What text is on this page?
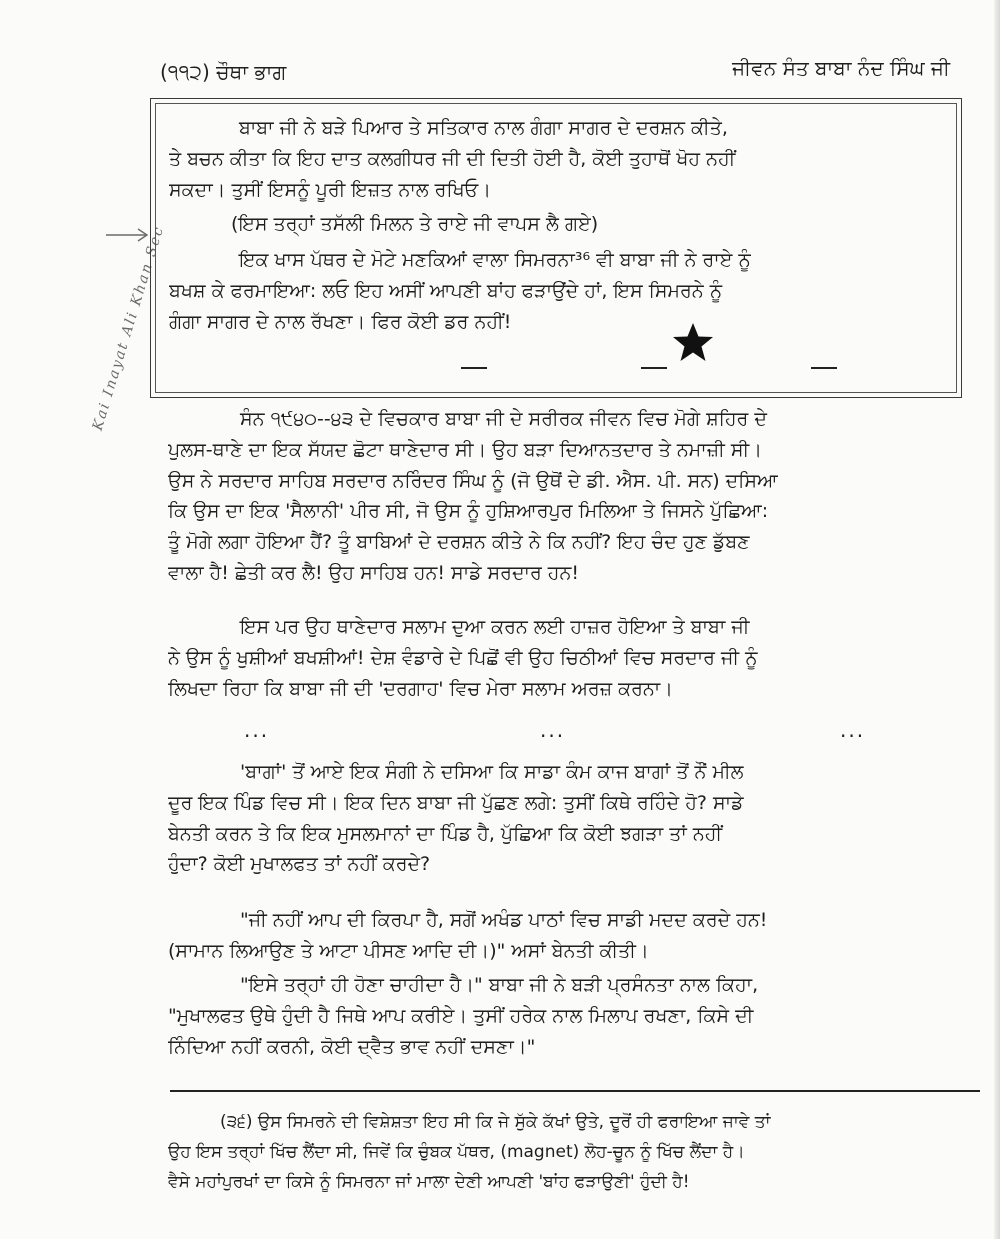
(੧੧੨) ਚੌਥਾ ਭਾਗ	ਜੀਵਨ ਸੰਤ ਬਾਬਾ ਨੰਦ ਸਿੰਘ ਜੀ
Kai Inayat Ali Khan Sec

ਬਾਬਾ ਜੀ ਨੇ ਬੜੇ ਪਿਆਰ ਤੇ ਸਤਿਕਾਰ ਨਾਲ ਗੰਗਾ ਸਾਗਰ ਦੇ ਦਰਸ਼ਨ ਕੀਤੇ,
ਤੇ ਬਚਨ ਕੀਤਾ ਕਿ ਇਹ ਦਾਤ ਕਲਗੀਧਰ ਜੀ ਦੀ ਦਿਤੀ ਹੋਈ ਹੈ, ਕੋਈ ਤੁਹਾਥੋਂ ਖੋਹ ਨਹੀਂ
ਸਕਦਾ। ਤੁਸੀਂ ਇਸਨੂੰ ਪੂਰੀ ਇਜ਼ਤ ਨਾਲ ਰਖਿਓ।

(ਇਸ ਤਰ੍ਹਾਂ ਤਸੱਲੀ ਮਿਲਨ ਤੇ ਰਾਏ ਜੀ ਵਾਪਸ ਲੈ ਗਏ)

ਇਕ ਖਾਸ ਪੱਥਰ ਦੇ ਮੋਟੇ ਮਣਕਿਆਂ ਵਾਲਾ ਸਿਮਰਨਾ³⁶ ਵੀ ਬਾਬਾ ਜੀ ਨੇ ਰਾਏ ਨੂੰ
ਬਖਸ਼ ਕੇ ਫਰਮਾਇਆ: ਲਓ ਇਹ ਅਸੀਂ ਆਪਣੀ ਬਾਂਹ ਫੜਾਉਂਦੇ ਹਾਂ, ਇਸ ਸਿਮਰਨੇ ਨੂੰ
ਗੰਗਾ ਸਾਗਰ ਦੇ ਨਾਲ ਰੱਖਣਾ। ਫਿਰ ਕੋਈ ਡਰ ਨਹੀਂ!

ਸੰਨ ੧੯੪੦--੪੩ ਦੇ ਵਿਚਕਾਰ ਬਾਬਾ ਜੀ ਦੇ ਸਰੀਰਕ ਜੀਵਨ ਵਿਚ ਮੋਗੇ ਸ਼ਹਿਰ ਦੇ
ਪੁਲਸ-ਥਾਣੇ ਦਾ ਇਕ ਸੱਯਦ ਛੋਟਾ ਥਾਣੇਦਾਰ ਸੀ। ਉਹ ਬੜਾ ਦਿਆਨਤਦਾਰ ਤੇ ਨਮਾਜ਼ੀ ਸੀ।
ਉਸ ਨੇ ਸਰਦਾਰ ਸਾਹਿਬ ਸਰਦਾਰ ਨਰਿੰਦਰ ਸਿੰਘ ਨੂੰ (ਜੋ ਉਥੋਂ ਦੇ ਡੀ. ਐਸ. ਪੀ. ਸਨ) ਦਸਿਆ
ਕਿ ਉਸ ਦਾ ਇਕ 'ਸੈਲਾਨੀ' ਪੀਰ ਸੀ, ਜੋ ਉਸ ਨੂੰ ਹੁਸ਼ਿਆਰਪੁਰ ਮਿਲਿਆ ਤੇ ਜਿਸਨੇ ਪੁੱਛਿਆ:
ਤੂੰ ਮੋਗੇ ਲਗਾ ਹੋਇਆ ਹੈਂ? ਤੂੰ ਬਾਬਿਆਂ ਦੇ ਦਰਸ਼ਨ ਕੀਤੇ ਨੇ ਕਿ ਨਹੀਂ? ਇਹ ਚੰਦ ਹੁਣ ਡੁੱਬਣ
ਵਾਲਾ ਹੈ! ਛੇਤੀ ਕਰ ਲੈ! ਉਹ ਸਾਹਿਬ ਹਨ! ਸਾਡੇ ਸਰਦਾਰ ਹਨ!

ਇਸ ਪਰ ਉਹ ਥਾਣੇਦਾਰ ਸਲਾਮ ਦੁਆ ਕਰਨ ਲਈ ਹਾਜ਼ਰ ਹੋਇਆ ਤੇ ਬਾਬਾ ਜੀ
ਨੇ ਉਸ ਨੂੰ ਖੁਸ਼ੀਆਂ ਬਖਸ਼ੀਆਂ! ਦੇਸ਼ ਵੰਡਾਰੇ ਦੇ ਪਿਛੋਂ ਵੀ ਉਹ ਚਿਠੀਆਂ ਵਿਚ ਸਰਦਾਰ ਜੀ ਨੂੰ
ਲਿਖਦਾ ਰਿਹਾ ਕਿ ਬਾਬਾ ਜੀ ਦੀ 'ਦਰਗਾਹ' ਵਿਚ ਮੇਰਾ ਸਲਾਮ ਅਰਜ਼ ਕਰਨਾ।

...	...	...

'ਬਾਗਾਂ' ਤੋਂ ਆਏ ਇਕ ਸੰਗੀ ਨੇ ਦਸਿਆ ਕਿ ਸਾਡਾ ਕੰਮ ਕਾਜ ਬਾਗਾਂ ਤੋਂ ਨੌਂ ਮੀਲ
ਦੂਰ ਇਕ ਪਿੰਡ ਵਿਚ ਸੀ। ਇਕ ਦਿਨ ਬਾਬਾ ਜੀ ਪੁੱਛਣ ਲਗੇ: ਤੁਸੀਂ ਕਿਥੇ ਰਹਿੰਦੇ ਹੋ? ਸਾਡੇ
ਬੇਨਤੀ ਕਰਨ ਤੇ ਕਿ ਇਕ ਮੁਸਲਮਾਨਾਂ ਦਾ ਪਿੰਡ ਹੈ, ਪੁੱਛਿਆ ਕਿ ਕੋਈ ਝਗੜਾ ਤਾਂ ਨਹੀਂ
ਹੁੰਦਾ? ਕੋਈ ਮੁਖਾਲਫਤ ਤਾਂ ਨਹੀਂ ਕਰਦੇ?

"ਜੀ ਨਹੀਂ ਆਪ ਦੀ ਕਿਰਪਾ ਹੈ, ਸਗੋਂ ਅਖੰਡ ਪਾਠਾਂ ਵਿਚ ਸਾਡੀ ਮਦਦ ਕਰਦੇ ਹਨ!
(ਸਾਮਾਨ ਲਿਆਉਣ ਤੇ ਆਟਾ ਪੀਸਣ ਆਦਿ ਦੀ।)" ਅਸਾਂ ਬੇਨਤੀ ਕੀਤੀ।

"ਇਸੇ ਤਰ੍ਹਾਂ ਹੀ ਹੋਣਾ ਚਾਹੀਦਾ ਹੈ।" ਬਾਬਾ ਜੀ ਨੇ ਬੜੀ ਪ੍ਰਸੰਨਤਾ ਨਾਲ ਕਿਹਾ,
"ਮੁਖਾਲਫਤ ਉਥੇ ਹੁੰਦੀ ਹੈ ਜਿਥੇ ਆਪ ਕਰੀਏ। ਤੁਸੀਂ ਹਰੇਕ ਨਾਲ ਮਿਲਾਪ ਰਖਣਾ, ਕਿਸੇ ਦੀ
ਨਿੰਦਿਆ ਨਹੀਂ ਕਰਨੀ, ਕੋਈ ਦ੍ਵੈਤ ਭਾਵ ਨਹੀਂ ਦਸਣਾ।"

(੩੬) ਉਸ ਸਿਮਰਨੇ ਦੀ ਵਿਸ਼ੇਸ਼ਤਾ ਇਹ ਸੀ ਕਿ ਜੇ ਸੁੱਕੇ ਕੱਖਾਂ ਉਤੇ, ਦੂਰੋਂ ਹੀ ਫਰਾਇਆ ਜਾਵੇ ਤਾਂ
ਉਹ ਇਸ ਤਰ੍ਹਾਂ ਖਿੱਚ ਲੈਂਦਾ ਸੀ, ਜਿਵੇਂ ਕਿ ਚੁੰਬਕ ਪੱਥਰ, (magnet) ਲੋਹ-ਚੂਨ ਨੂੰ ਖਿੱਚ ਲੈਂਦਾ ਹੈ।
ਵੈਸੇ ਮਹਾਂਪੁਰਖਾਂ ਦਾ ਕਿਸੇ ਨੂੰ ਸਿਮਰਨਾ ਜਾਂ ਮਾਲਾ ਦੇਣੀ ਆਪਣੀ 'ਬਾਂਹ ਫੜਾਉਣੀ' ਹੁੰਦੀ ਹੈ!
